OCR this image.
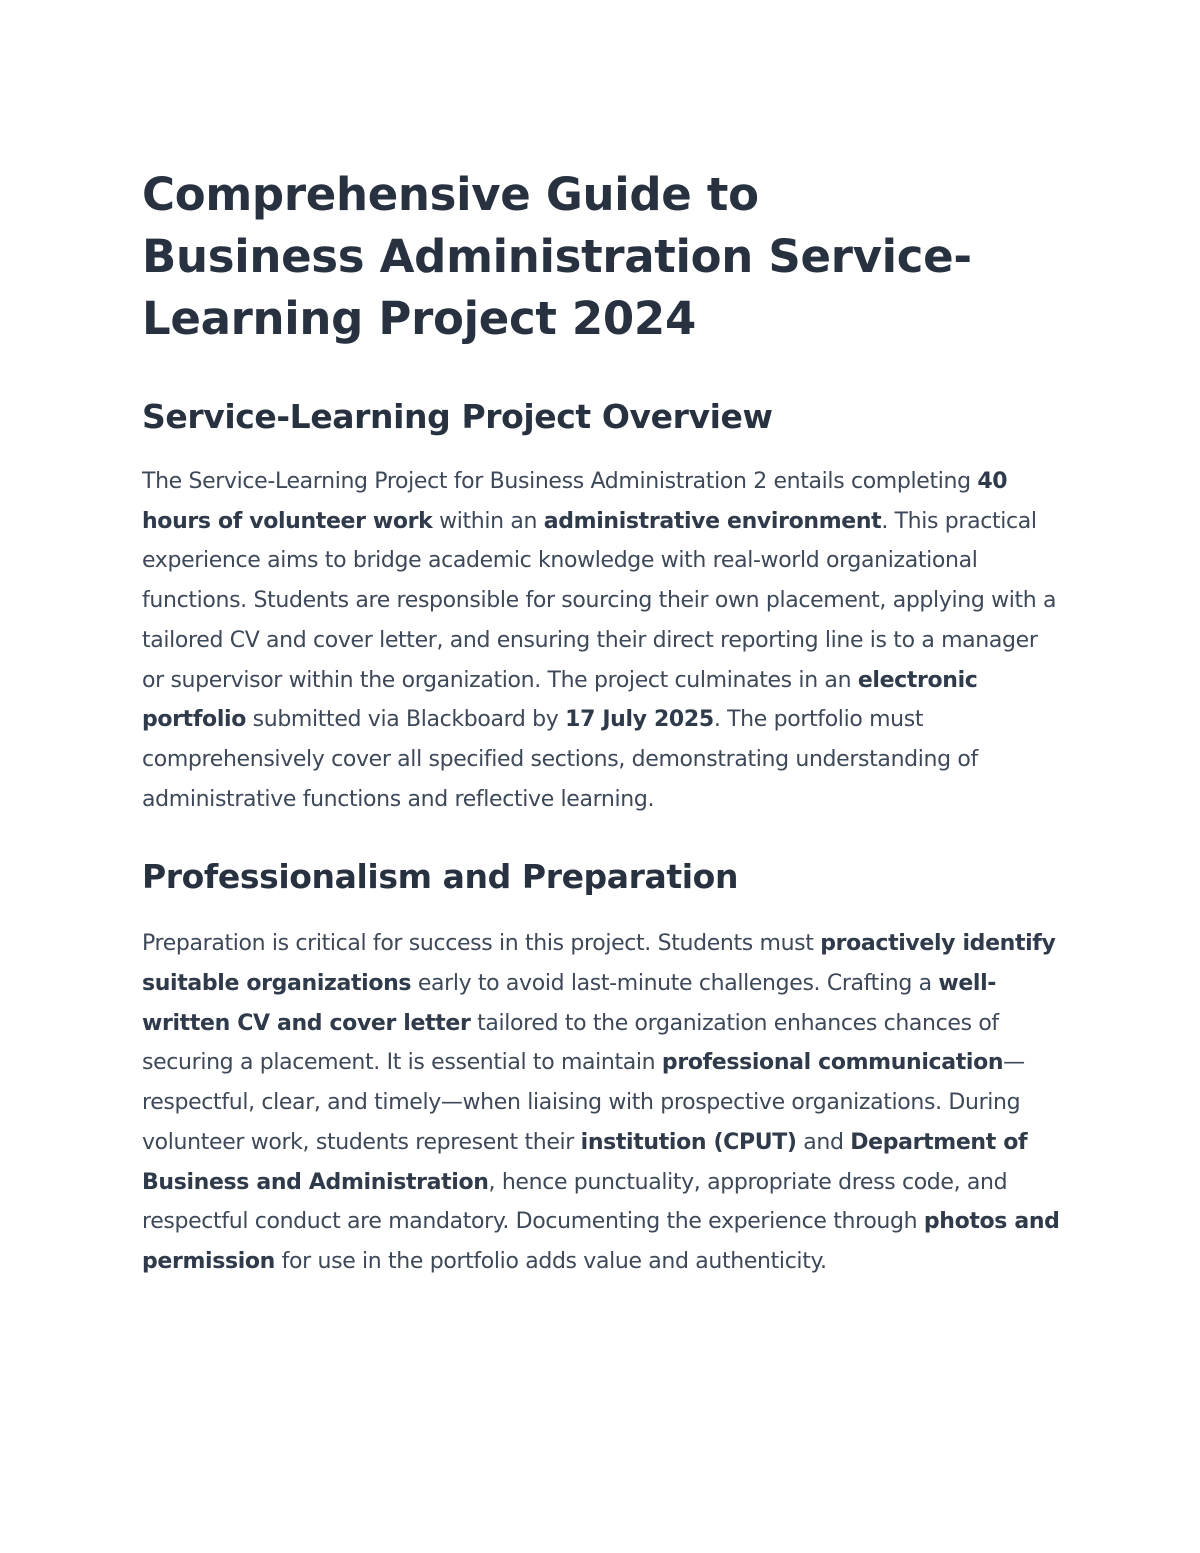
Comprehensive Guide to Business Administration Service-Learning Project 2024
Service-Learning Project Overview

The Service-Learning Project for Business Administration 2 entails completing 40 hours of volunteer work within an administrative environment. This practical experience aims to bridge academic knowledge with real-world organizational functions. Students are responsible for sourcing their own placement, applying with a tailored CV and cover letter, and ensuring their direct reporting line is to a manager or supervisor within the organization. The project culminates in an electronic portfolio submitted via Blackboard by 17 July 2025. The portfolio must comprehensively cover all specified sections, demonstrating understanding of administrative functions and reflective learning.

Professionalism and Preparation

Preparation is critical for success in this project. Students must proactively identify suitable organizations early to avoid last-minute challenges. Crafting a well-written CV and cover letter tailored to the organization enhances chances of securing a placement. It is essential to maintain professional communication—respectful, clear, and timely—when liaising with prospective organizations. During volunteer work, students represent their institution (CPUT) and Department of Business and Administration, hence punctuality, appropriate dress code, and respectful conduct are mandatory. Documenting the experience through photos and permission for use in the portfolio adds value and authenticity.
